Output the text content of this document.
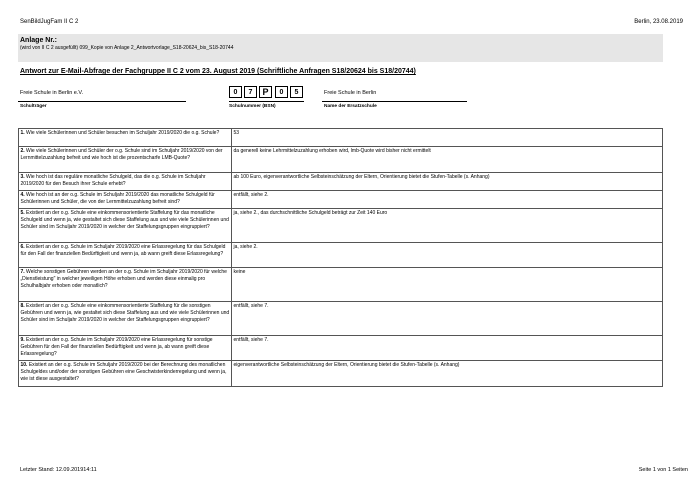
SenBildJugFam II C 2	Berlin, 23.08.2019
Anlage Nr.:
(wird von II C 2 ausgefüllt) 099_Kopie von Anlage 2_Antwortvorlage_S18-20624_bis_S18-20744
Antwort zur E-Mail-Abfrage der Fachgruppe II C 2 vom 23. August 2019 (Schriftliche Anfragen S18/20624 bis S18/20744)
Freie Schule in Berlin e.V.
Schulträger
0	7	P	0	5
Schulnummer (BSN)
Freie Schule in Berlin
Name der Ersatzschule
1. Wie viele Schülerinnen und Schüler besuchen im Schuljahr 2019/2020 die o.g. Schule?	53
2. Wie viele Schülerinnen und Schüler der o.g. Schule sind im Schuljahr 2019/2020 von der Lernmittelzuzahlung befreit und wie hoch ist die prozentscharfe LMB-Quote?	da generell keine Lehrmittelzuzahlung erhoben wird, lmb-Quote wird bisher nicht ermittelt
3. Wie hoch ist das reguläre monatliche Schulgeld, das die o.g. Schule im Schuljahr 2019/2020 für den Besuch ihrer Schule erhebt?	ab 100 Euro, eigenverantwortliche Selbsteinschätzung der Eltern, Orientierung bietet die Stufen-Tabelle (s. Anhang)
4. Wie hoch ist an der o.g. Schule im Schuljahr 2019/2020 das monatliche Schulgeld für Schülerinnen und Schüler, die von der Lernmittelzuzahlung befreit sind?	entfällt, siehe 2.
5. Existiert an der o.g. Schule eine einkommensorientierte Staffelung für das monatliche Schulgeld und wenn ja, wie gestaltet sich diese Staffelung aus und wie viele Schülerinnen und Schüler sind im Schuljahr 2019/2020 in welcher der Staffelungsgruppen eingruppiert?	ja, siehe 2., das durchschnittliche Schulgeld beträgt zur Zeit 140 Euro
6. Existiert an der o.g. Schule im Schuljahr 2019/2020 eine Erlassregelung für das Schulgeld für den Fall der finanziellen Bedürftigkeit und wenn ja, ab wann greift diese Erlassregelung?	ja, siehe 2.
7. Welche sonstigen Gebühren werden an der o.g. Schule im Schuljahr 2019/2020 für welche „Dienstleistung" in welcher jeweiligen Höhe erhoben und werden diese einmalig pro Schulhalbjahr erhoben oder monatlich?	keine
8. Existiert an der o.g. Schule eine einkommensorientierte Staffelung für die sonstigen Gebühren und wenn ja, wie gestaltet sich diese Staffelung aus und wie viele Schülerinnen und Schüler sind im Schuljahr 2019/2020 in welcher der Staffelungsgruppen eingruppiert?	entfällt, siehe 7.
9. Existiert an der o.g. Schule im Schuljahr 2019/2020 eine Erlassregelung für sonstige Gebühren für den Fall der finanziellen Bedürftigkeit und wenn ja, ab wann greift diese Erlassregelung?	entfällt, siehe 7.
10. Existiert an der o.g. Schule im Schuljahr 2019/2020 bei der Berechnung des monatlichen Schulgeldes und/oder der sonstigen Gebühren eine Geschwisterkinderregelung und wenn ja, wie ist diese ausgestaltet?	eigenverantwortliche Selbsteinschätzung der Eltern, Orientierung bietet die Stufen-Tabelle (s. Anhang)
Letzter Stand: 12.09.201914:11	Seite 1 von 1 Seiten
